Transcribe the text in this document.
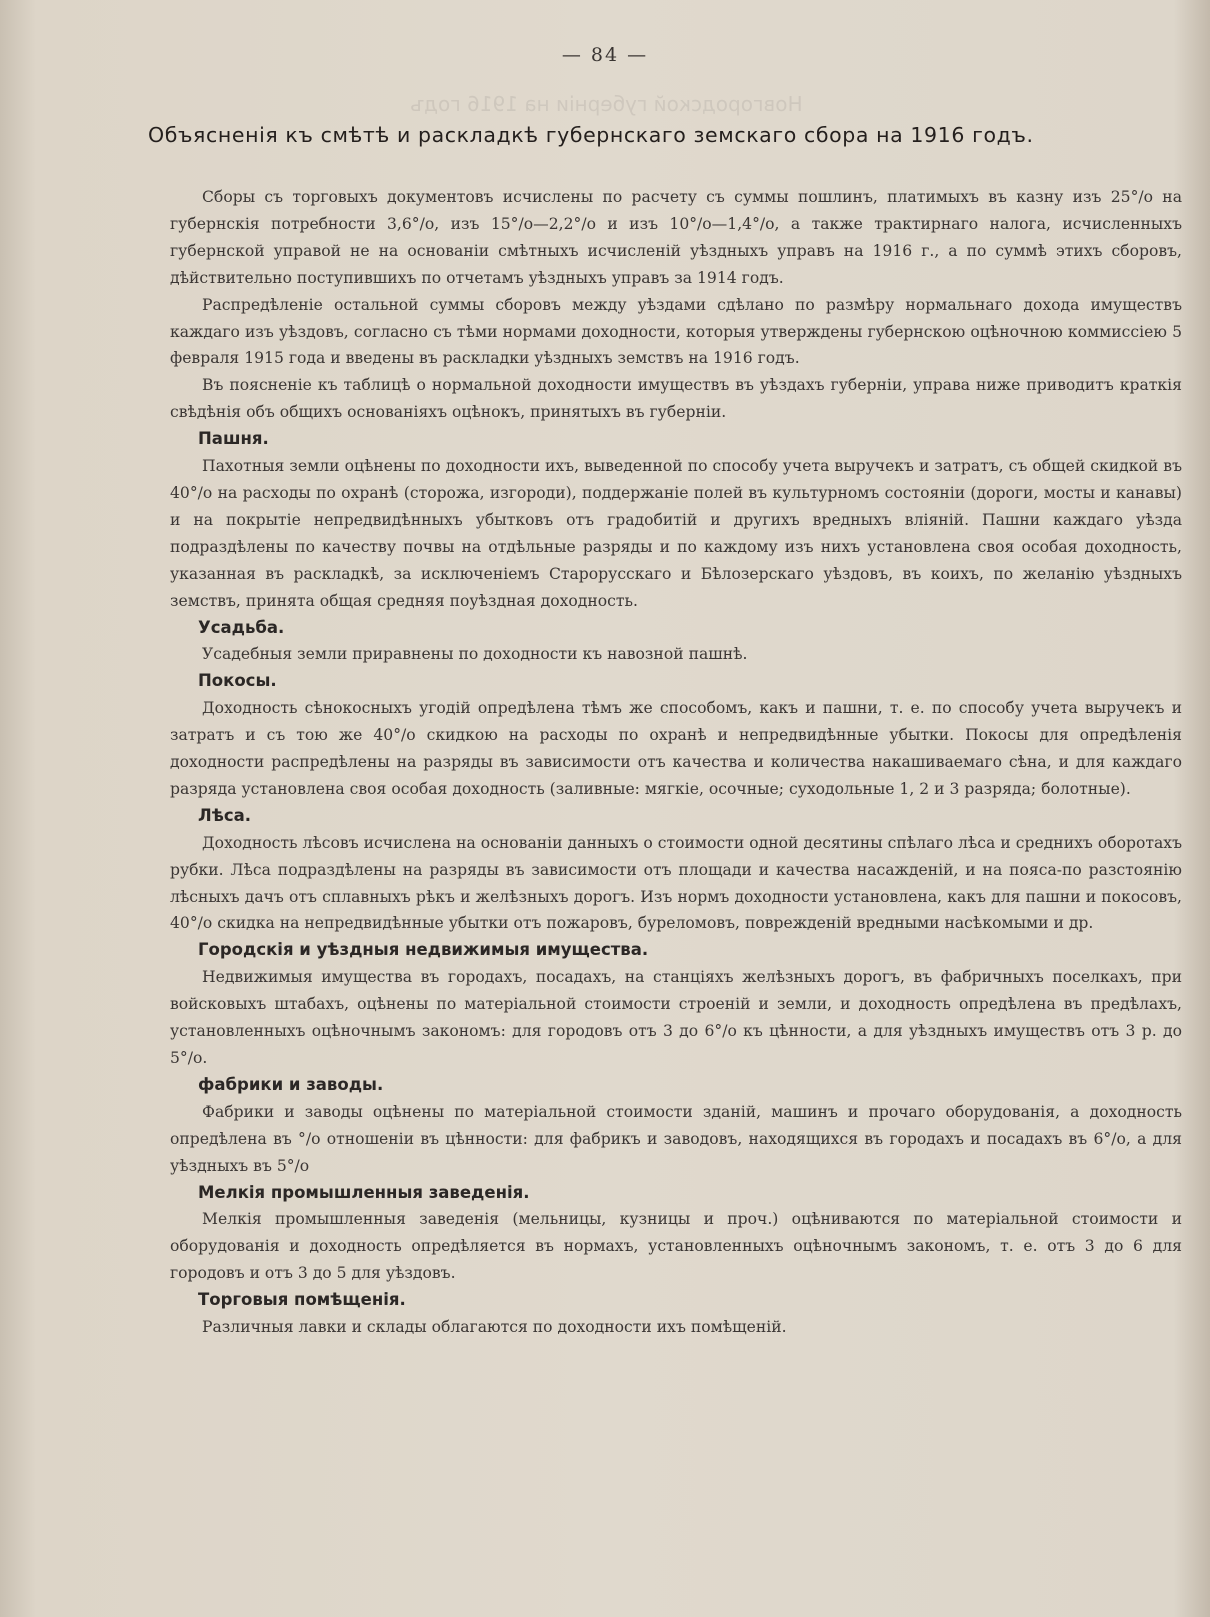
Новгородской губерніи на 1916 годъ
— 84 —
Объясненія къ смѣтѣ и раскладкѣ губернскаго земскаго сбора на 1916 годъ.

Сборы съ торговыхъ документовъ исчислены по расчету съ суммы пошлинъ, платимыхъ въ казну изъ 25°/о на губернскія потребности 3,6°/о, изъ 15°/о—2,2°/о и изъ 10°/о—1,4°/о, а также трактирнаго налога, исчисленныхъ губернской управой не на основаніи смѣтныхъ исчисленій уѣздныхъ управъ на 1916 г., а по суммѣ этихъ сборовъ, дѣйствительно поступившихъ по отчетамъ уѣздныхъ управъ за 1914 годъ.

Распредѣленіе остальной суммы сборовъ между уѣздами сдѣлано по размѣру нормальнаго дохода имуществъ каждаго изъ уѣздовъ, согласно съ тѣми нормами доходности, которыя утверждены губернскою оцѣночною коммиссіею 5 февраля 1915 года и введены въ раскладки уѣздныхъ земствъ на 1916 годъ.

Въ поясненіе къ таблицѣ о нормальной доходности имуществъ въ уѣздахъ губерніи, управа ниже приводитъ краткія свѣдѣнія объ общихъ основаніяхъ оцѣнокъ, принятыхъ въ губерніи.

Пашня.

Пахотныя земли оцѣнены по доходности ихъ, выведенной по способу учета выручекъ и затратъ, съ общей скидкой въ 40°/о на расходы по охранѣ (сторожа, изгороди), поддержаніе полей въ культурномъ состояніи (дороги, мосты и канавы) и на покрытіе непредвидѣнныхъ убытковъ отъ градобитій и другихъ вредныхъ вліяній. Пашни каждаго уѣзда подраздѣлены по качеству почвы на отдѣльные разряды и по каждому изъ нихъ установлена своя особая доходность, указанная въ раскладкѣ, за исключеніемъ Старорусскаго и Бѣлозерскаго уѣздовъ, въ коихъ, по желанію уѣздныхъ земствъ, принята общая средняя поуѣздная доходность.

Усадьба.

Усадебныя земли приравнены по доходности къ навозной пашнѣ.

Покосы.

Доходность сѣнокосныхъ угодій опредѣлена тѣмъ же способомъ, какъ и пашни, т. е. по способу учета выручекъ и затратъ и съ тою же 40°/о скидкою на расходы по охранѣ и непредвидѣнные убытки. Покосы для опредѣленія доходности распредѣлены на разряды въ зависимости отъ качества и количества накашиваемаго сѣна, и для каждаго разряда установлена своя особая доходность (заливные: мягкіе, осочные; суходольные 1, 2 и 3 разряда; болотные).

Лѣса.

Доходность лѣсовъ исчислена на основаніи данныхъ о стоимости одной десятины спѣлаго лѣса и среднихъ оборотахъ рубки. Лѣса подраздѣлены на разряды въ зависимости отъ площади и качества насажденій, и на пояса-по разстоянію лѣсныхъ дачъ отъ сплавныхъ рѣкъ и желѣзныхъ дорогъ. Изъ нормъ доходности установлена, какъ для пашни и покосовъ, 40°/о скидка на непредвидѣнные убытки отъ пожаровъ, буреломовъ, поврежденій вредными насѣкомыми и др.

Городскія и уѣздныя недвижимыя имущества.

Недвижимыя имущества въ городахъ, посадахъ, на станціяхъ желѣзныхъ дорогъ, въ фабричныхъ поселкахъ, при войсковыхъ штабахъ, оцѣнены по матеріальной стоимости строеній и земли, и доходность опредѣлена въ предѣлахъ, установленныхъ оцѣночнымъ закономъ: для городовъ отъ 3 до 6°/о къ цѣнности, а для уѣздныхъ имуществъ отъ 3 р. до 5°/о.

фабрики и заводы.

Фабрики и заводы оцѣнены по матеріальной стоимости зданій, машинъ и прочаго оборудованія, а доходность опредѣлена въ °/о отношеніи въ цѣнности: для фабрикъ и заводовъ, находящихся въ городахъ и посадахъ въ 6°/о, а для уѣздныхъ въ 5°/о

Мелкія промышленныя заведенія.

Мелкія промышленныя заведенія (мельницы, кузницы и проч.) оцѣниваются по матеріальной стоимости и оборудованія и доходность опредѣляется въ нормахъ, установленныхъ оцѣночнымъ закономъ, т. е. отъ 3 до 6 для городовъ и отъ 3 до 5 для уѣздовъ.

Торговыя помѣщенія.

Различныя лавки и склады облагаются по доходности ихъ помѣщеній.
